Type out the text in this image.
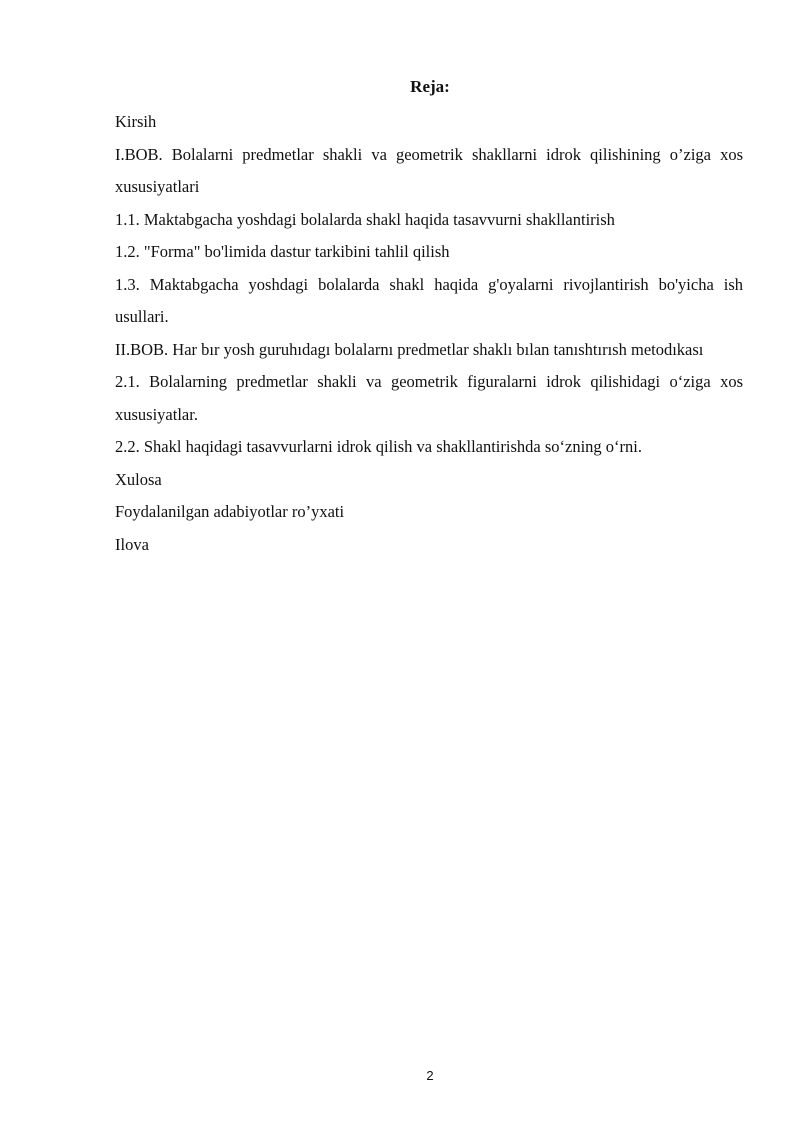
Reja:

Kirsih

I.BOB. Bolalarni predmetlar shakli va geometrik shakllarni idrok qilishining o’ziga xos xususiyatlari

1.1. Maktabgacha yoshdagi bolalarda shakl haqida tasavvurni shakllantirish

1.2. "Forma" bo'limida dastur tarkibini tahlil qilish

1.3. Maktabgacha yoshdagi bolalarda shakl haqida g'oyalarni rivojlantirish bo'yicha ish usullari.

II.BOB. Har bır yosh guruhıdagı bolalarnı predmetlar shaklı bılan tanıshtırısh metodıkası

2.1. Bolalarning predmetlar shakli va geometrik figuralarni idrok qilishidagi o‘ziga xos xususiyatlar.

2.2. Shakl haqidagi tasavvurlarni idrok qilish va shakllantirishda so‘zning o‘rni.

Xulosa

Foydalanilgan adabiyotlar ro’yxati

Ilova

2
